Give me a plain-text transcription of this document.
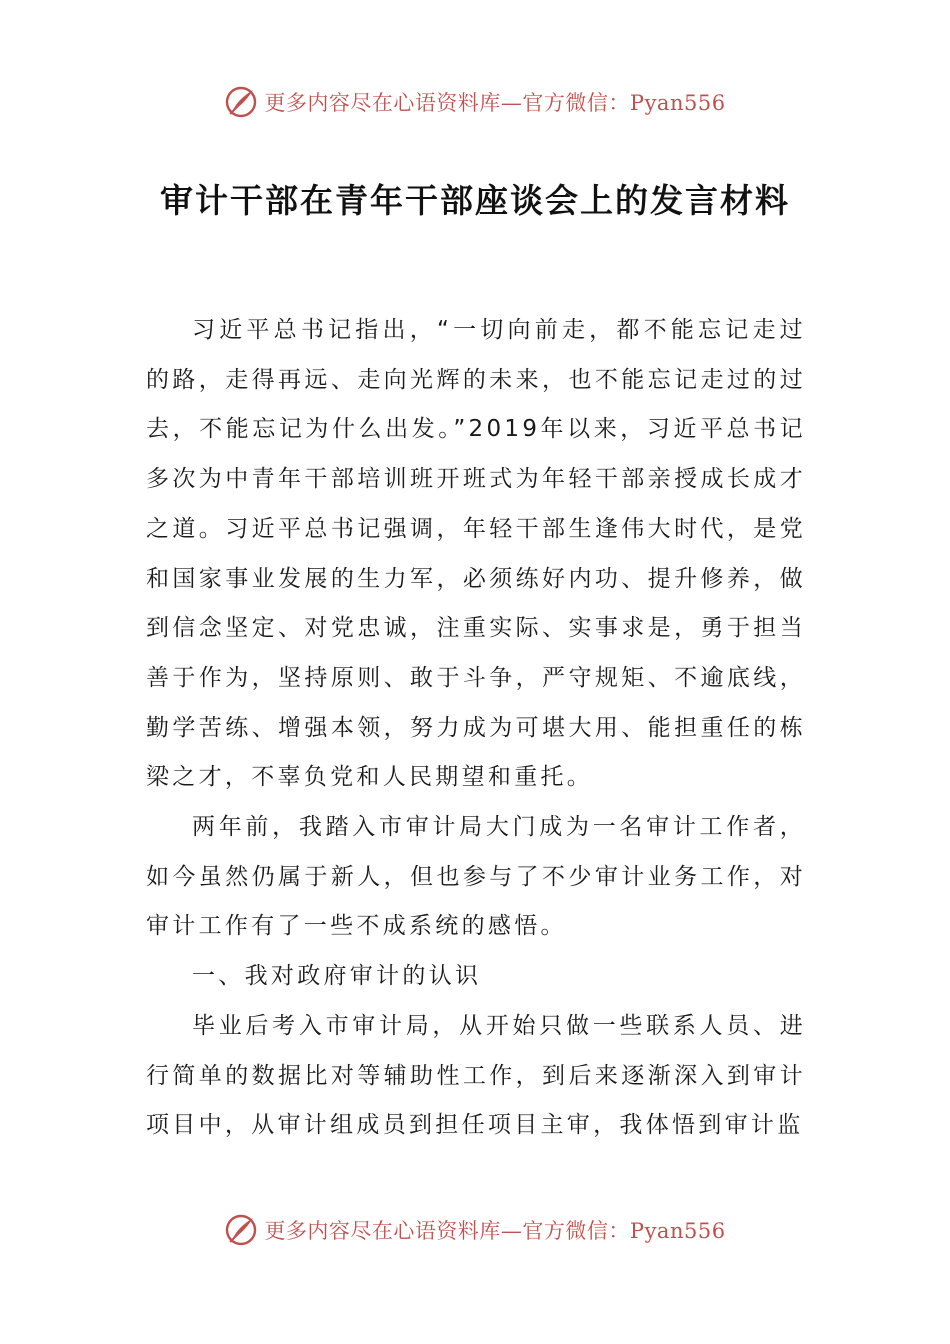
更多内容尽在心语资料库—官方微信：Pyan556
审计干部在青年干部座谈会上的发言材料

习近平总书记指出，“一切向前走，都不能忘记走过的路，走得再远、走向光辉的未来，也不能忘记走过的过去，不能忘记为什么出发。”2019年以来，习近平总书记多次为中青年干部培训班开班式为年轻干部亲授成长成才之道。习近平总书记强调，年轻干部生逢伟大时代，是党和国家事业发展的生力军，必须练好内功、提升修养，做到信念坚定、对党忠诚，注重实际、实事求是，勇于担当善于作为，坚持原则、敢于斗争，严守规矩、不逾底线，勤学苦练、增强本领，努力成为可堪大用、能担重任的栋梁之才，不辜负党和人民期望和重托。

两年前，我踏入市审计局大门成为一名审计工作者，如今虽然仍属于新人，但也参与了不少审计业务工作，对审计工作有了一些不成系统的感悟。

一、我对政府审计的认识

毕业后考入市审计局，从开始只做一些联系人员、进行简单的数据比对等辅助性工作，到后来逐渐深入到审计项目中，从审计组成员到担任项目主审，我体悟到审计监

更多内容尽在心语资料库—官方微信：Pyan556
